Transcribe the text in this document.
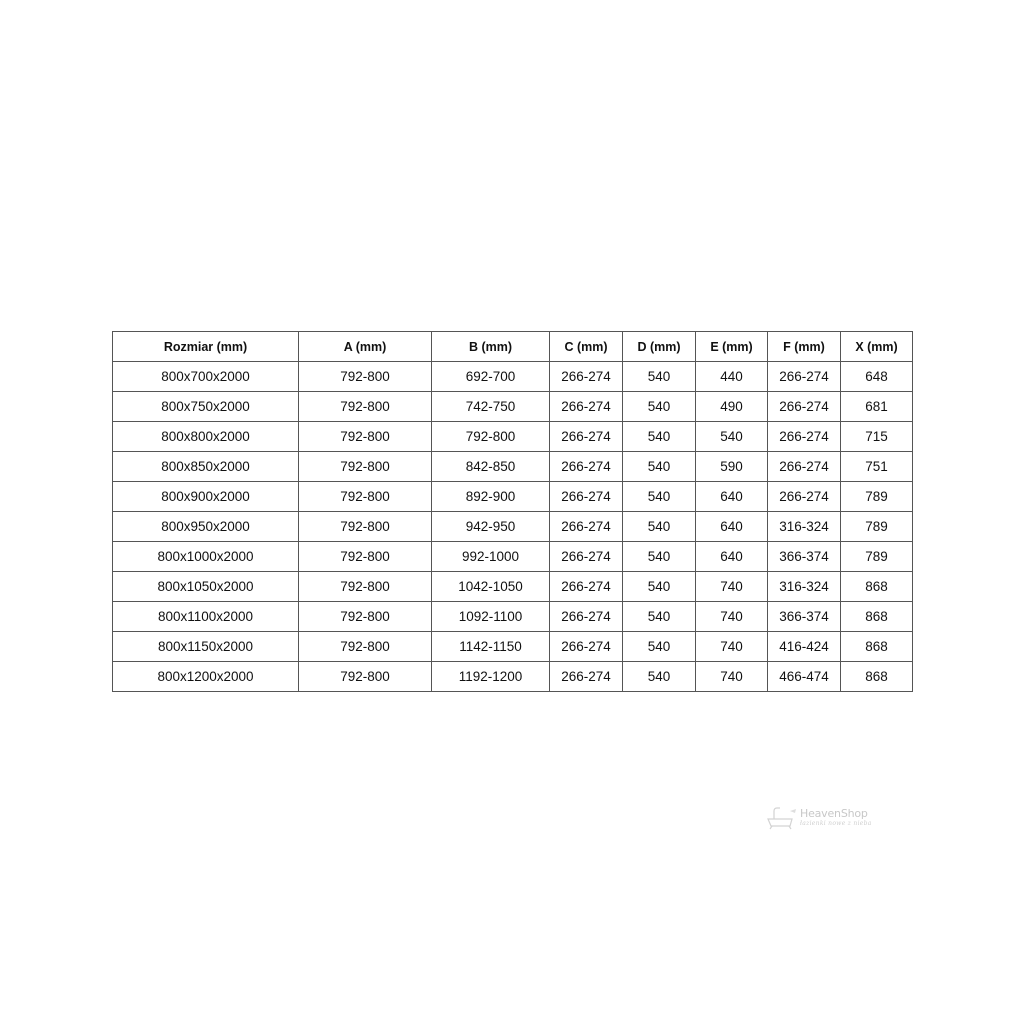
Rozmiar (mm)	A (mm)	B (mm)	C (mm)	D (mm)	E (mm)	F (mm)	X (mm)
800x700x2000	792-800	692-700	266-274	540	440	266-274	648
800x750x2000	792-800	742-750	266-274	540	490	266-274	681
800x800x2000	792-800	792-800	266-274	540	540	266-274	715
800x850x2000	792-800	842-850	266-274	540	590	266-274	751
800x900x2000	792-800	892-900	266-274	540	640	266-274	789
800x950x2000	792-800	942-950	266-274	540	640	316-324	789
800x1000x2000	792-800	992-1000	266-274	540	640	366-374	789
800x1050x2000	792-800	1042-1050	266-274	540	740	316-324	868
800x1100x2000	792-800	1092-1100	266-274	540	740	366-374	868
800x1150x2000	792-800	1142-1150	266-274	540	740	416-424	868
800x1200x2000	792-800	1192-1200	266-274	540	740	466-474	868
HeavenShop
łazienki nowe z nieba
